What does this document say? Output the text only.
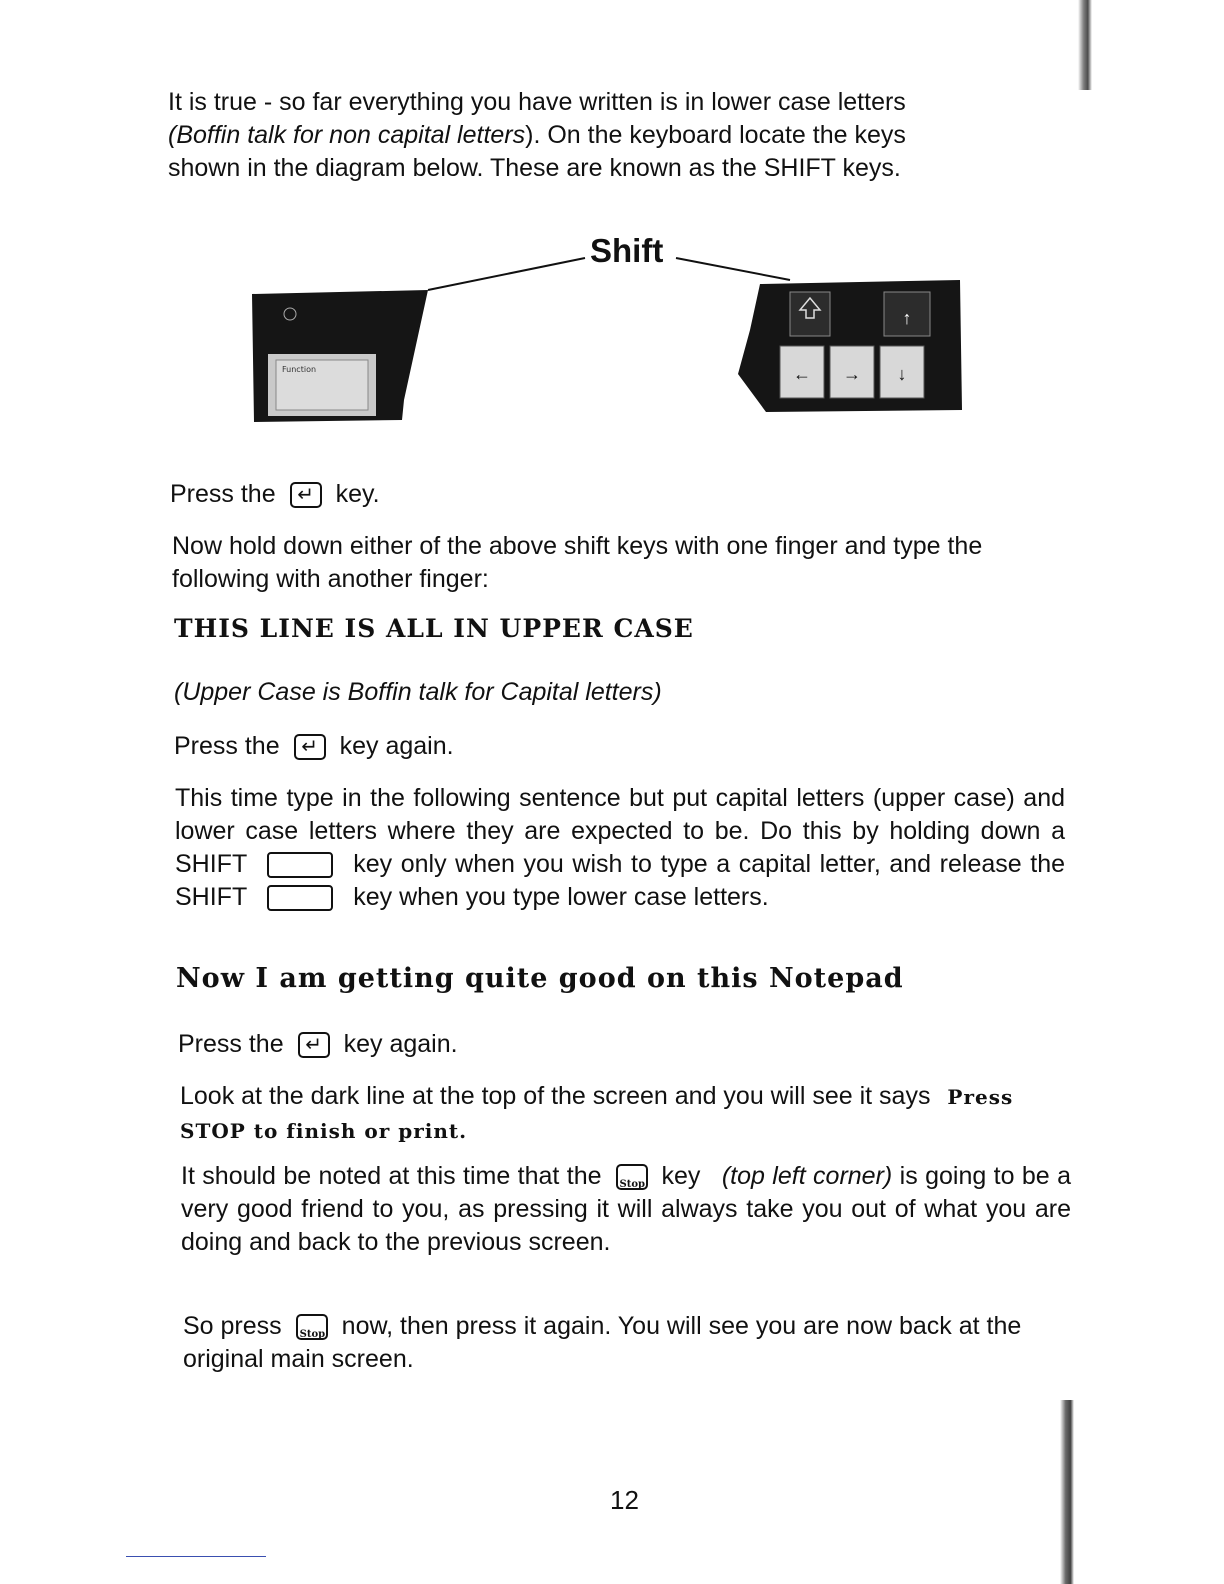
It is true - so far everything you have written is in lower case letters
(Boffin talk for non capital letters). On the keyboard locate the keys
shown in the diagram below. These are known as the SHIFT keys.
Shift
Function	← → ↓
↑
Press the ↵ key.
Now hold down either of the above shift keys with one finger and type the following with another finger:
THIS LINE IS ALL IN UPPER CASE
(Upper Case is Boffin talk for Capital letters)
Press the ↵ key again.
This time type in the following sentence but put capital letters (upper case) and lower case letters where they are expected to be. Do this by holding down a SHIFT	key only when you wish to type a capital letter, and release the SHIFT	key when you type lower case letters.
Now I am getting quite good on this Notepad
Press the ↵ key again.
Look at the dark line at the top of the screen and you will see it says Press STOP to finish or print.
It should be noted at this time that the Stop key (top left corner) is going to be a very good friend to you, as pressing it will always take you out of what you are doing and back to the previous screen.
So press Stop now, then press it again. You will see you are now back at the original main screen.
12
